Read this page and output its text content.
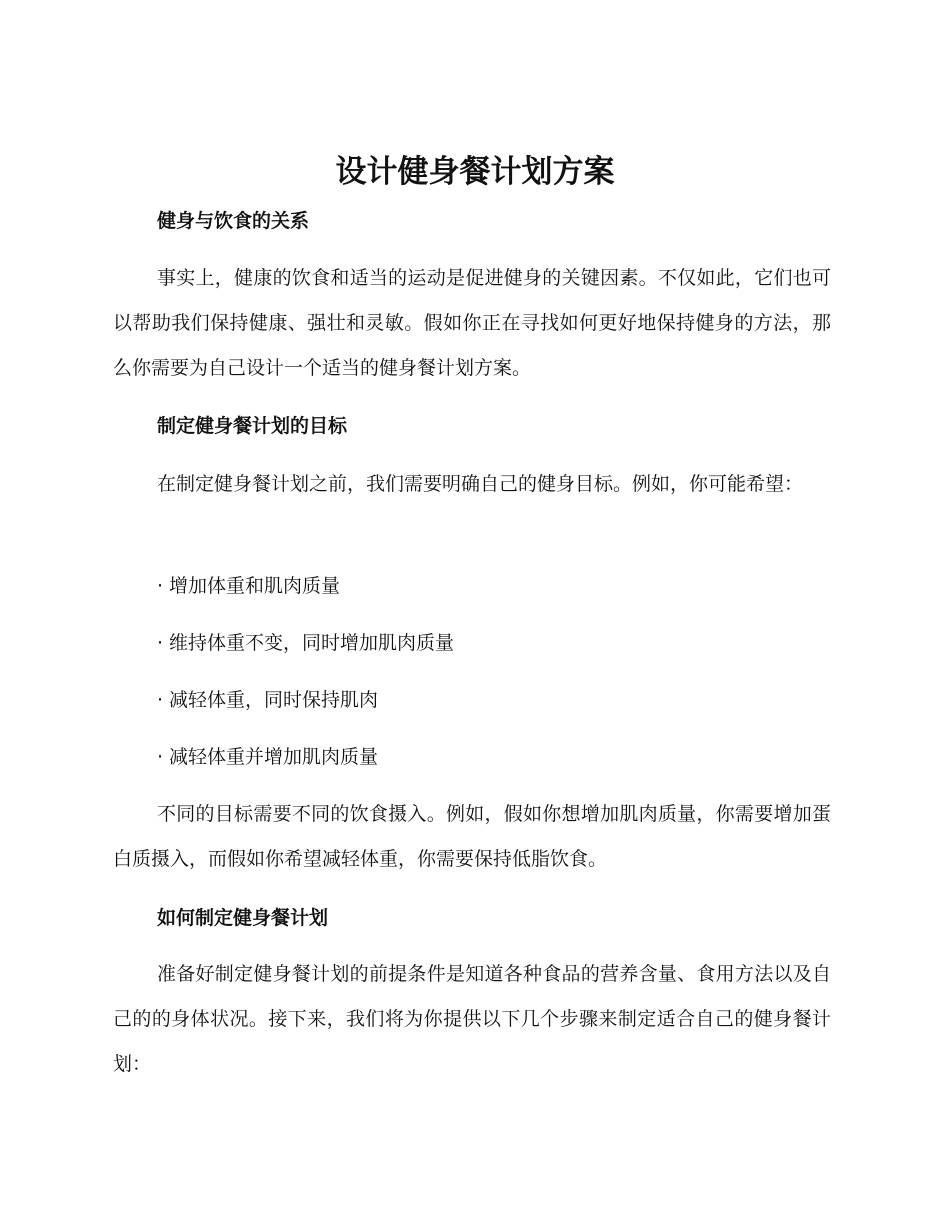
设计健身餐计划方案
健身与饮食的关系

事实上，健康的饮食和适当的运动是促进健身的关键因素。不仅如此，它们也可以帮助我们保持健康、强壮和灵敏。假如你正在寻找如何更好地保持健身的方法，那么你需要为自己设计一个适当的健身餐计划方案。

制定健身餐计划的目标

在制定健身餐计划之前，我们需要明确自己的健身目标。例如，你可能希望：

· 增加体重和肌肉质量
· 维持体重不变，同时增加肌肉质量
· 减轻体重，同时保持肌肉
· 减轻体重并增加肌肉质量

不同的目标需要不同的饮食摄入。例如，假如你想增加肌肉质量，你需要增加蛋白质摄入，而假如你希望减轻体重，你需要保持低脂饮食。

如何制定健身餐计划

准备好制定健身餐计划的前提条件是知道各种食品的营养含量、食用方法以及自己的的身体状况。接下来，我们将为你提供以下几个步骤来制定适合自己的健身餐计划：
